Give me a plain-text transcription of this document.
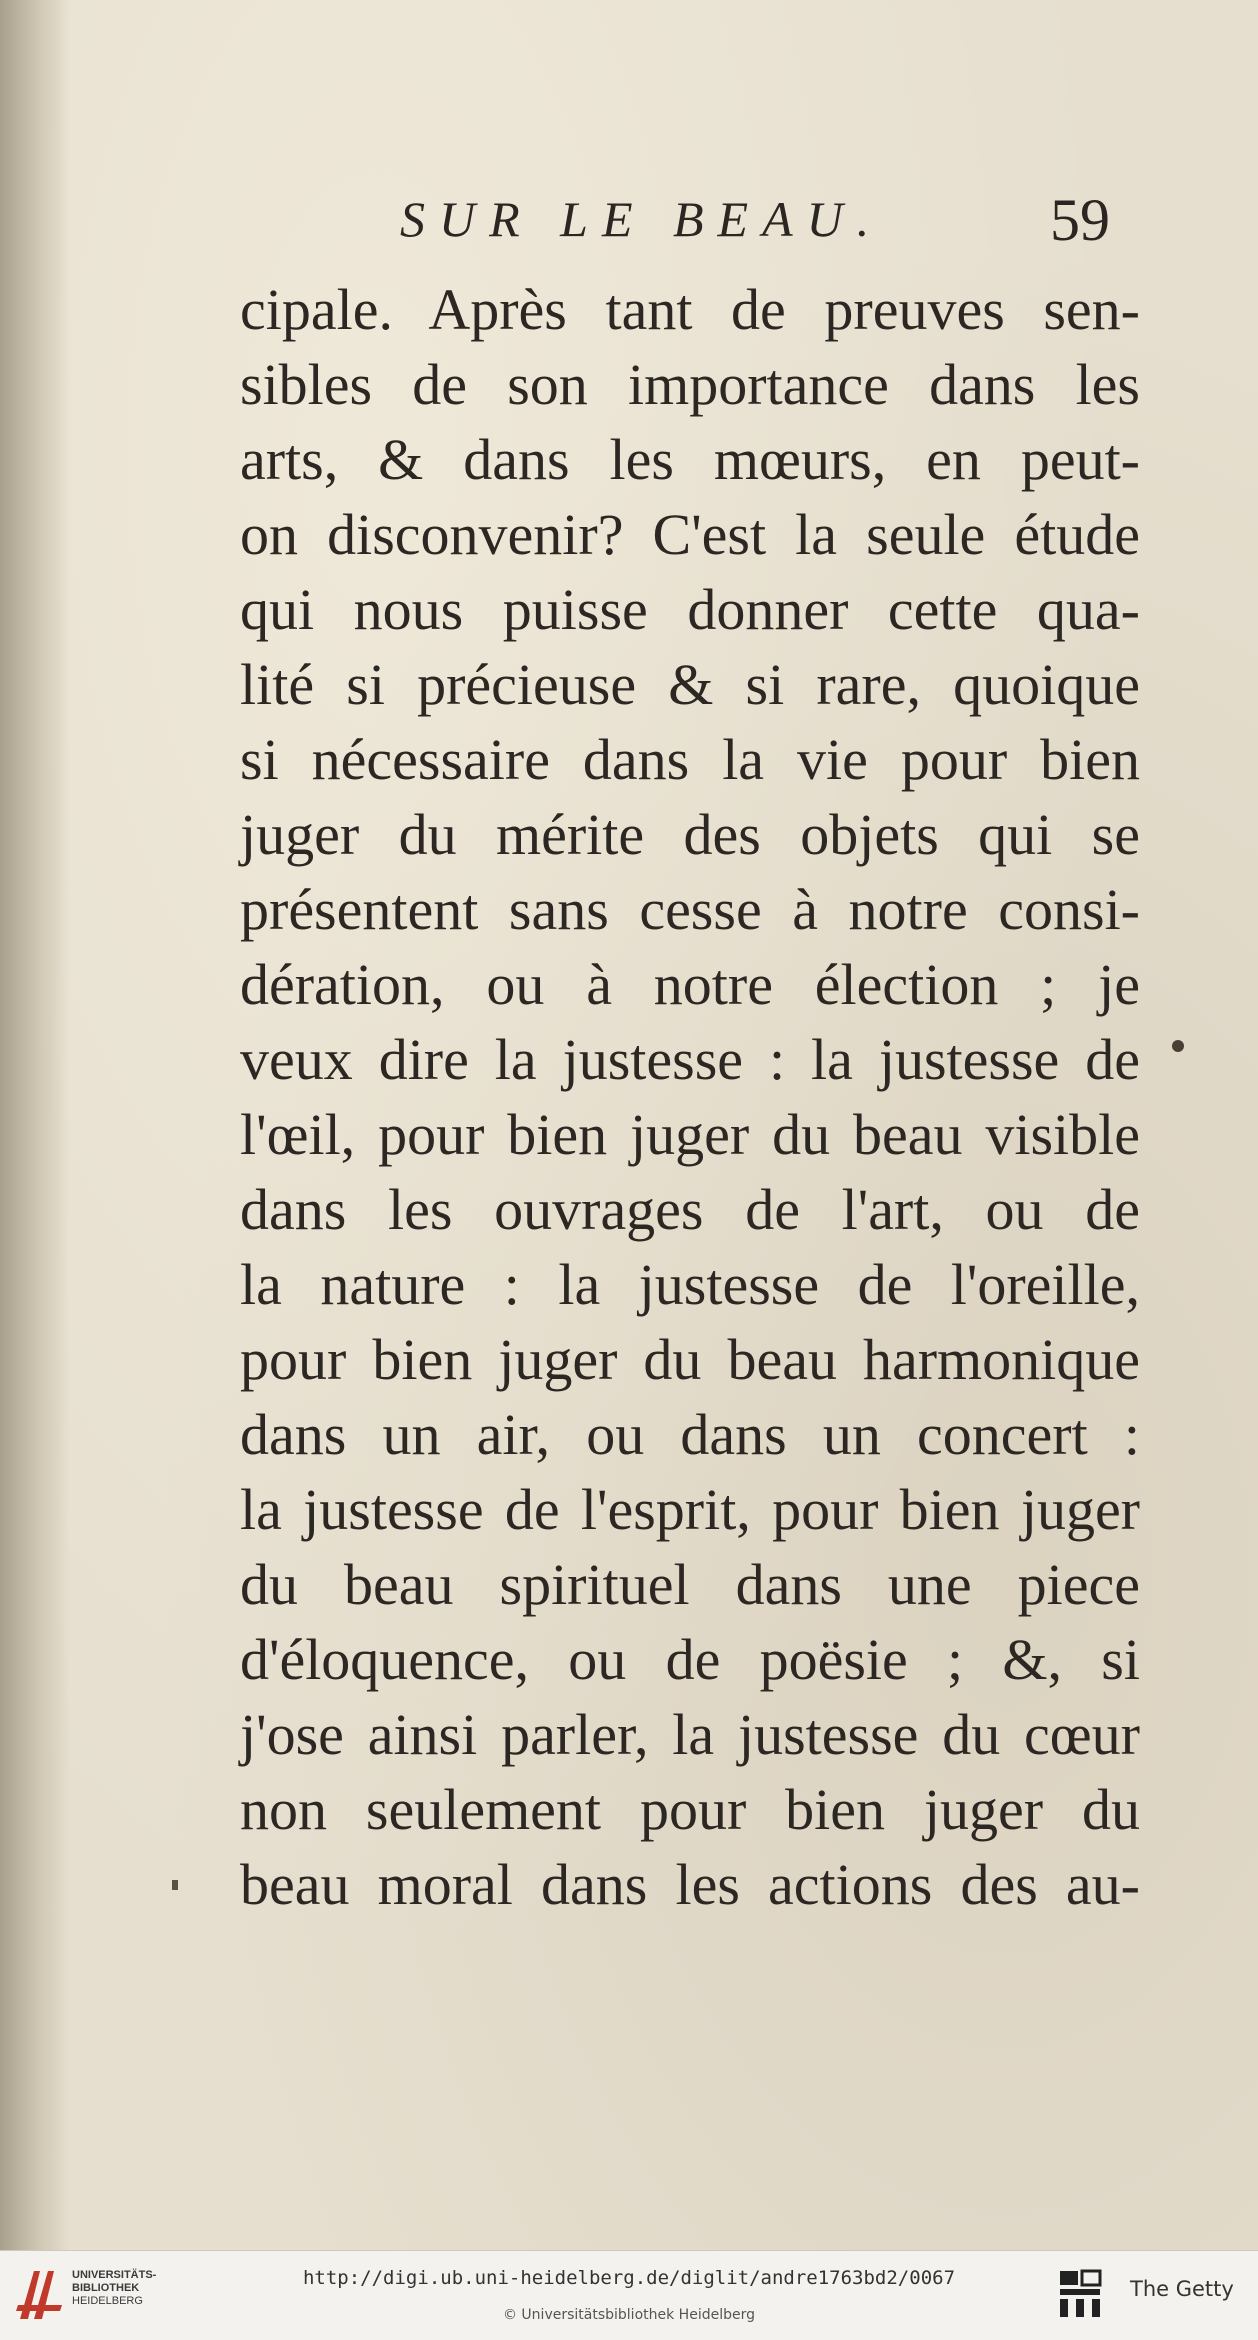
SUR LE BEAU.	59
cipale. Après tant de preuves sen-
sibles de son importance dans les
arts, & dans les mœurs, en peut-
on disconvenir? C'est la seule étude
qui nous puisse donner cette qua-
lité si précieuse & si rare, quoique
si nécessaire dans la vie pour bien
juger du mérite des objets qui se
présentent sans cesse à notre consi-
dération, ou à notre élection ; je
veux dire la justesse : la justesse de
l'œil, pour bien juger du beau visible
dans les ouvrages de l'art, ou de
la nature : la justesse de l'oreille,
pour bien juger du beau harmonique
dans un air, ou dans un concert :
la justesse de l'esprit, pour bien juger
du beau spirituel dans une piece
d'éloquence, ou de poësie ; &, si
j'ose ainsi parler, la justesse du cœur
non seulement pour bien juger du
beau moral dans les actions des au-
UNIVERSITÄTS-
BIBLIOTHEK
HEIDELBERG
http://digi.ub.uni-heidelberg.de/diglit/andre1763bd2/0067
© Universitätsbibliothek Heidelberg
The Getty
